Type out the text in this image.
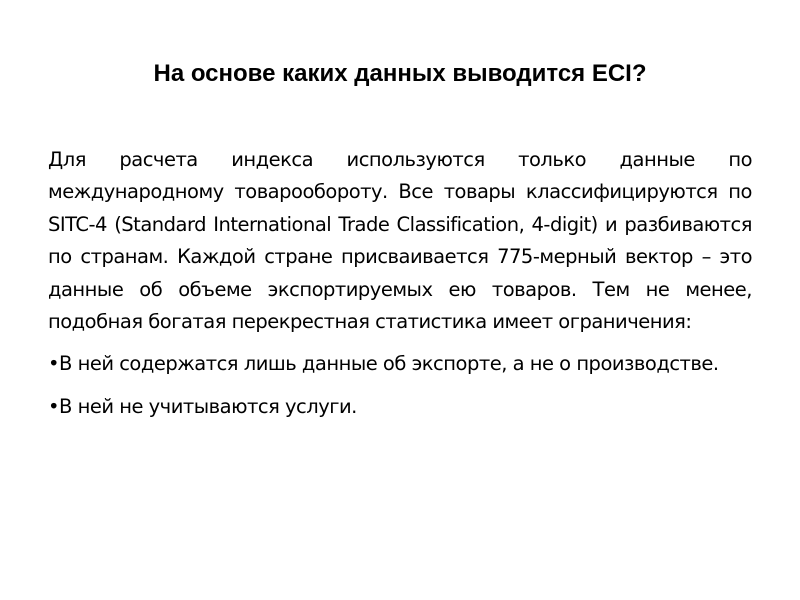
На основе каких данных выводится ECI?

Для расчета индекса используются только данные по международному товарообороту. Все товары классифицируются по SITC-4 (Standard International Trade Classification, 4-digit) и разбиваются по странам. Каждой стране присваивается 775-мерный вектор – это данные об объеме экспортируемых ею товаров. Тем не менее, подобная богатая перекрестная статистика имеет ограничения:

•В ней содержатся лишь данные об экспорте, а не о производстве.
•В ней не учитываются услуги.
